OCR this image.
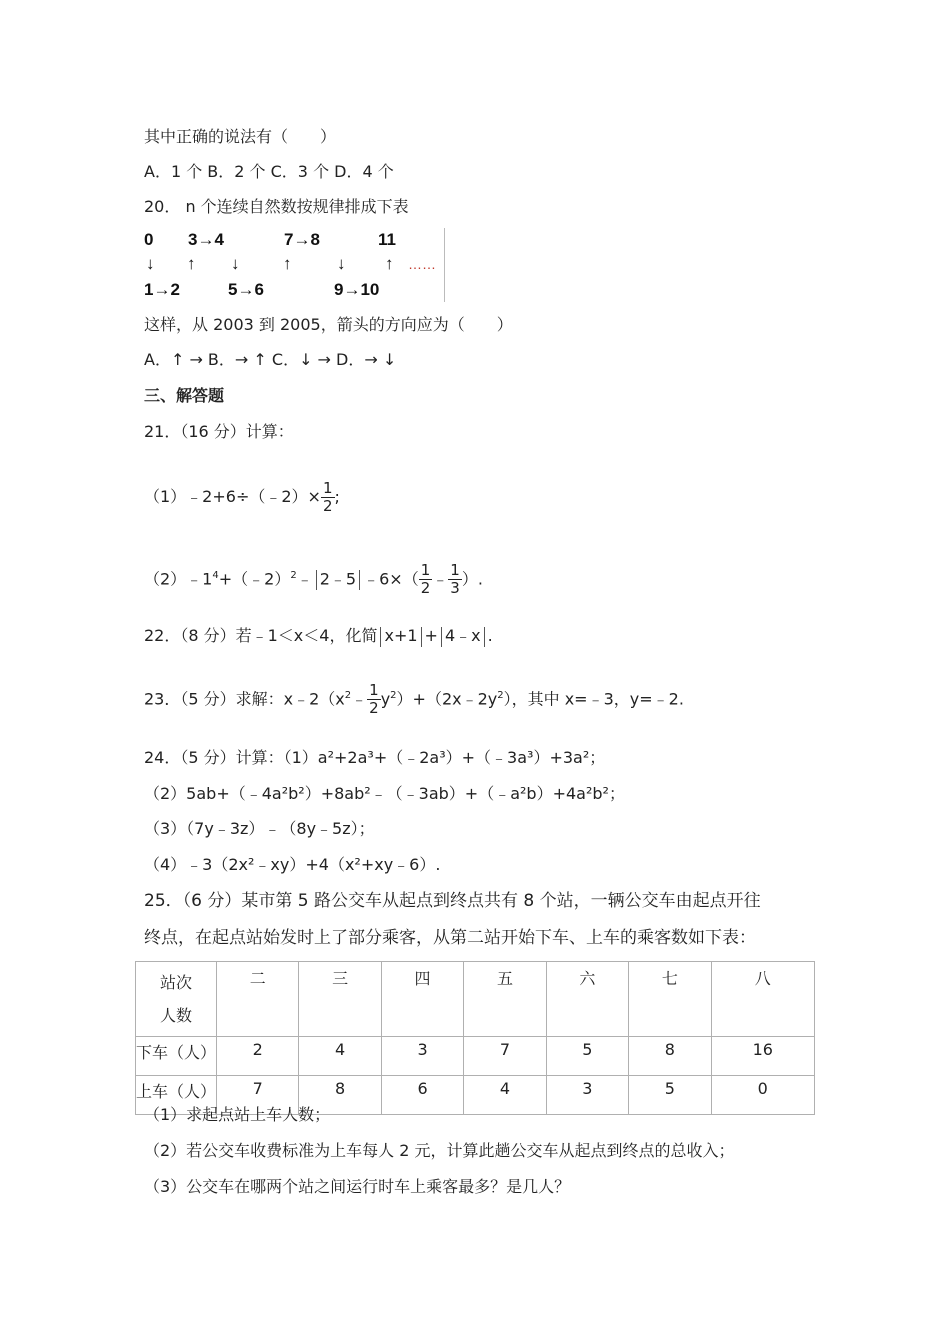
其中正确的说法有（　　）
A．1 个 B．2 个 C．3 个 D．4 个
20． n 个连续自然数按规律排成下表
0 3→4	7→8	11
↓ ↑ ↓	↑	↓ ↑
1→2	5→6	9→10
……
这样，从 2003 到 2005，箭头的方向应为（　　）
A．↑ → B．→ ↑ C．↓ → D．→ ↓
三、解答题
21．（16 分）计算：
（1）﹣2+6÷（﹣2）× $\frac{1}{2}$ ;
$(2)﹣1^4+(﹣2)^2﹣$ 2﹣5 ﹣6×（ $\frac{1}{2}$ ﹣ $\frac{1}{3}$ ）.
22．（8 分）若﹣1＜x＜4，化简 x+1 + 4﹣x .
23．（5 分）求解：$x﹣2(x^2﹣ \frac{1}{2}$ $y^2)+(2x﹣2y^2)$，其中 x=﹣3，y=﹣2.
24．（5 分）计算：（1）a²+2a³+（﹣2a³）+（﹣3a³）+3a²；
（2）5ab+（﹣4a²b²）+8ab²﹣（﹣3ab）+（﹣a²b）+4a²b²；
（3）（7y﹣3z）﹣（8y﹣5z）；
（4）﹣3（2x²﹣xy）+4（x²+xy﹣6）.
25．（6 分）某市第 5 路公交车从起点到终点共有 8 个站，一辆公交车由起点开往
终点，在起点站始发时上了部分乘客，从第二站开始下车、上车的乘客数如下表：
站次
人数	二	三	四	五	六	七	八
下车（人）	2	4	3	7	5	8	16
上车（人）	7	8	6	4	3	5	0
（1）求起点站上车人数；
（2）若公交车收费标准为上车每人 2 元，计算此趟公交车从起点到终点的总收入；
（3）公交车在哪两个站之间运行时车上乘客最多？是几人？
